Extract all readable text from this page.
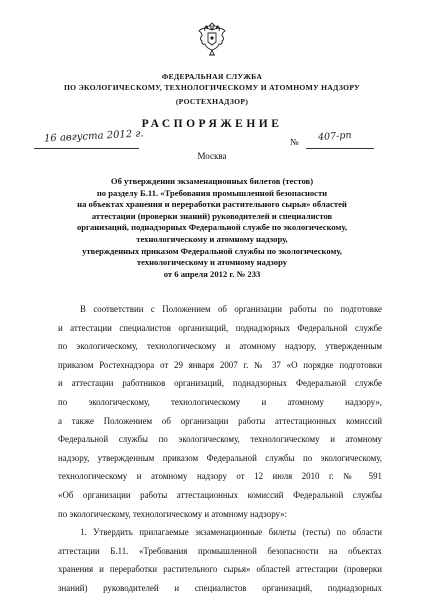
ФЕДЕРАЛЬНАЯ СЛУЖБА
ПО ЭКОЛОГИЧЕСКОМУ, ТЕХНОЛОГИЧЕСКОМУ И АТОМНОМУ НАДЗОРУ
(РОСТЕХНАДЗОР)
РАСПОРЯЖЕНИЕ
16 августа 2012 г.	№ 407-рп
Москва
Об утверждении экзаменационных билетов (тестов)
по разделу Б.11. «Требования промышленной безопасности
на объектах хранения и переработки растительного сырья» областей
аттестации (проверки знаний) руководителей и специалистов
организаций, поднадзорных Федеральной службе по экологическому,
технологическому и атомному надзору,
утвержденных приказом Федеральной службы по экологическому,
технологическому и атомному надзору
от 6 апреля 2012 г. № 233
В соответствии с Положением об организации работы по подготовке
и аттестации специалистов организаций, поднадзорных Федеральной службе
по экологическому, технологическому и атомному надзору, утвержденным
приказом Ростехнадзора от 29 января 2007 г. № 37 «О порядке подготовки
и аттестации работников организаций, поднадзорных Федеральной службе
по экологическому, технологическому и атомному надзору»,
а также Положением об организации работы аттестационных комиссий
Федеральной службы по экологическому, технологическому и атомному
надзору, утвержденным приказом Федеральной службы по экологическому,
технологическому и атомному надзору от 12 июля 2010 г. № 591
«Об организации работы аттестационных комиссий Федеральной службы
по экологическому, технологическому и атомному надзору»:
1. Утвердить прилагаемые экзаменационные билеты (тесты) по области
аттестации Б.11. «Требования промышленной безопасности на объектах
хранения и переработки растительного сырья» областей аттестации (проверки
знаний) руководителей и специалистов организаций, поднадзорных
